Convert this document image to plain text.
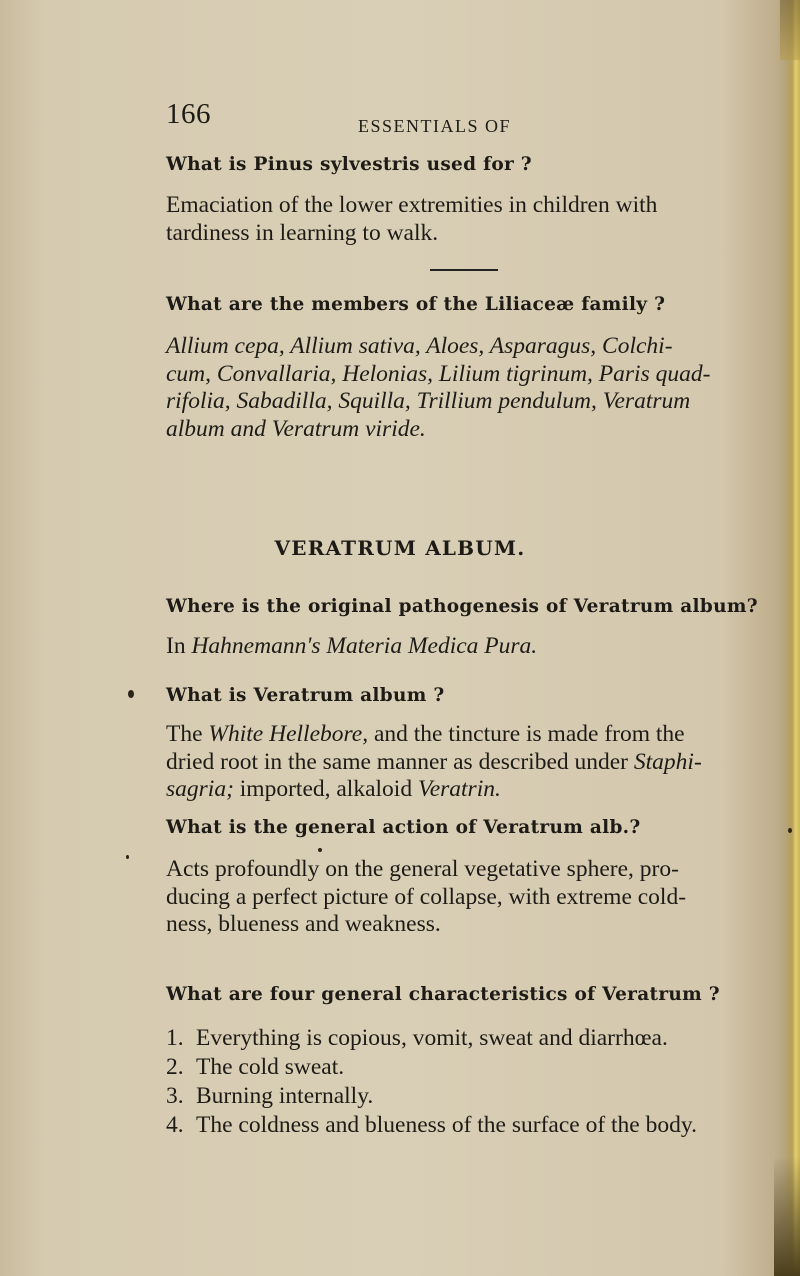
166	ESSENTIALS OF
What is Pinus sylvestris used for ?

Emaciation of the lower extremities in children with

tardiness in learning to walk.

What are the members of the Liliaceæ family ?

Allium cepa, Allium sativa, Aloes, Asparagus, Colchi-

cum, Convallaria, Helonias, Lilium tigrinum, Paris quad-

rifolia, Sabadilla, Squilla, Trillium pendulum, Veratrum

album and Veratrum viride.

VERATRUM ALBUM.
Where is the original pathogenesis of Veratrum album?

In Hahnemann's Materia Medica Pura.

What is Veratrum album ?

The White Hellebore, and the tincture is made from the

dried root in the same manner as described under Staphi-

sagria; imported, alkaloid Veratrin.

What is the general action of Veratrum alb.?

Acts profoundly on the general vegetative sphere, pro-

ducing a perfect picture of collapse, with extreme cold-

ness, blueness and weakness.

What are four general characteristics of Veratrum ?
1. Everything is copious, vomit, sweat and diarrhœa.
2. The cold sweat.
3. Burning internally.
4. The coldness and blueness of the surface of the body.
